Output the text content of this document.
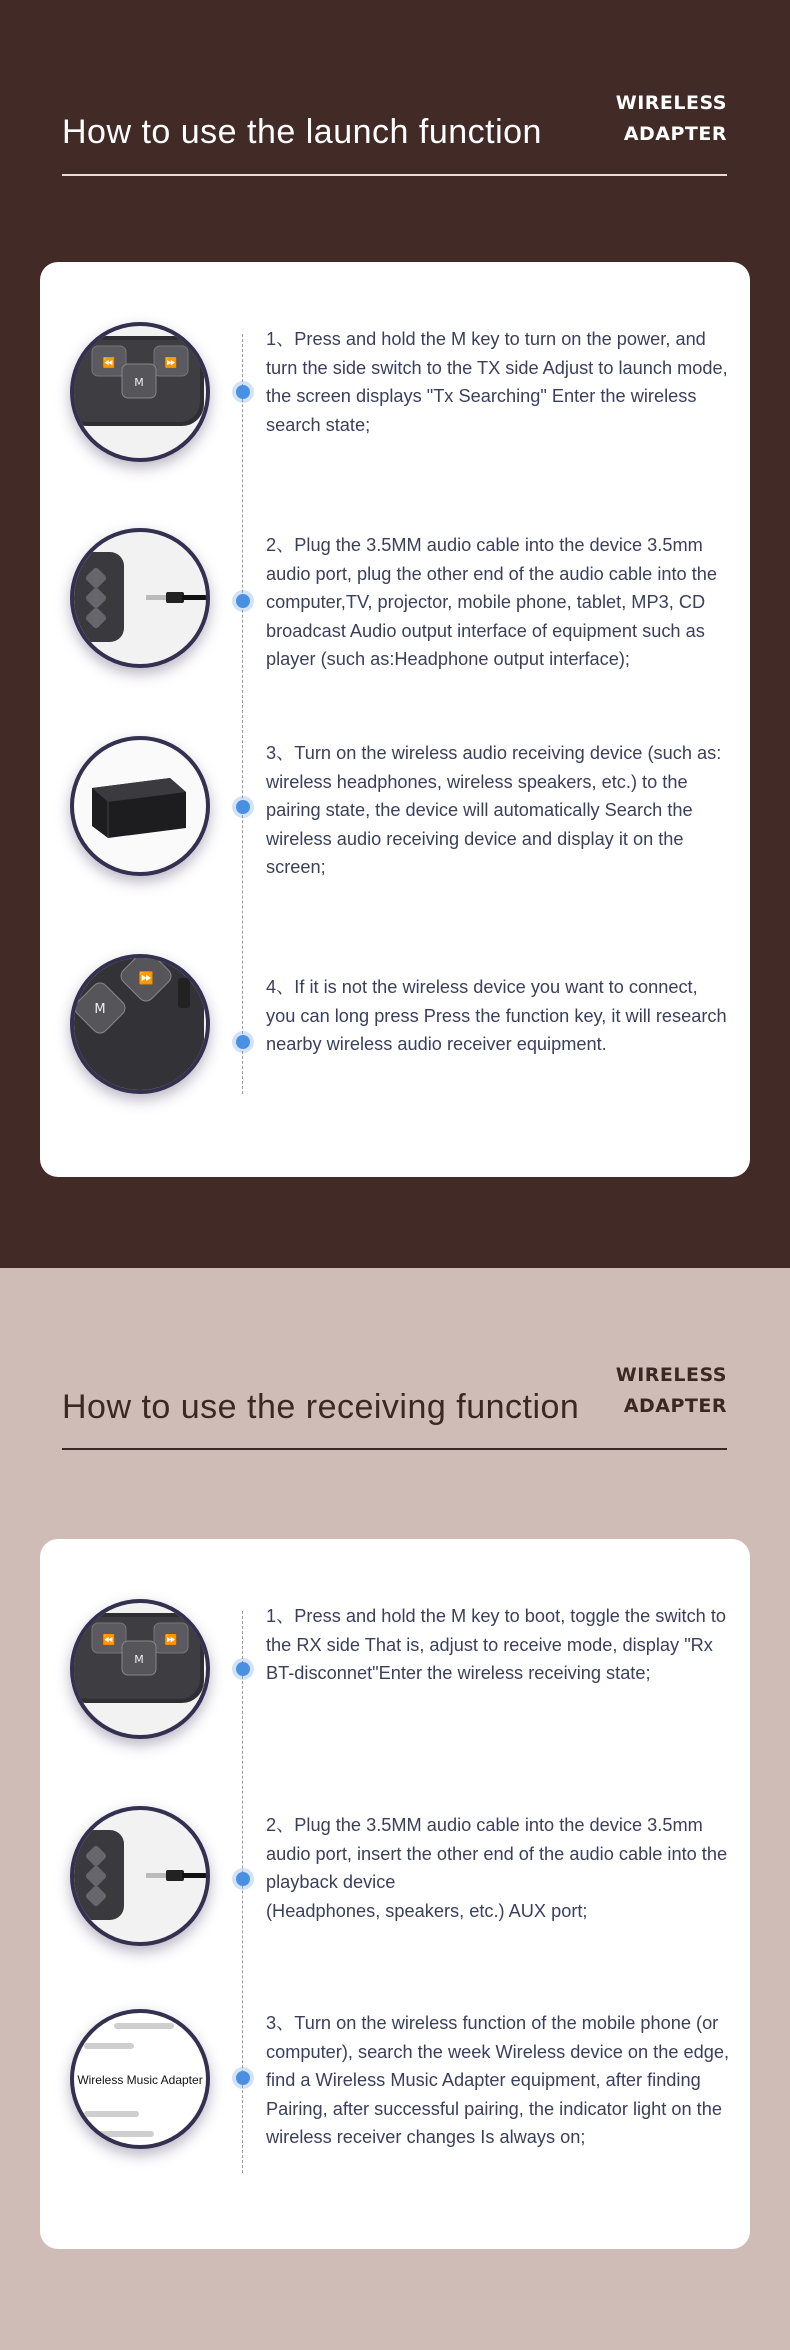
How to use the launch function
WIRELESS
ADAPTER
⏪	⏩
M
1、Press and hold the M key to turn on the power, and turn the side switch to the TX side Adjust to launch mode, the screen displays "Tx Searching" Enter the wireless search state;
2、Plug the 3.5MM audio cable into the device 3.5mm audio port, plug the other end of the audio cable into the computer,TV, projector, mobile phone, tablet, MP3, CD broadcast Audio output interface of equipment such as player (such as:Headphone output interface);
3、Turn on the wireless audio receiving device (such as: wireless headphones, wireless speakers, etc.) to the pairing state, the device will automatically Search the wireless audio receiving device and display it on the screen;
⏩
M
4、If it is not the wireless device you want to connect, you can long press Press the function key, it will research nearby wireless audio receiver equipment.
How to use the receiving function
WIRELESS
ADAPTER
⏪	⏩
M
1、Press and hold the M key to boot, toggle the switch to the RX side That is, adjust to receive mode, display "Rx BT-disconnet"Enter the wireless receiving state;
2、Plug the 3.5MM audio cable into the device 3.5mm audio port, insert the other end of the audio cable into the playback device
(Headphones, speakers, etc.) AUX port;
Wireless Music Adapter
3、Turn on the wireless function of the mobile phone (or computer), search the week Wireless device on the edge, find a Wireless Music Adapter equipment, after finding Pairing, after successful pairing, the indicator light on the wireless receiver changes Is always on;
